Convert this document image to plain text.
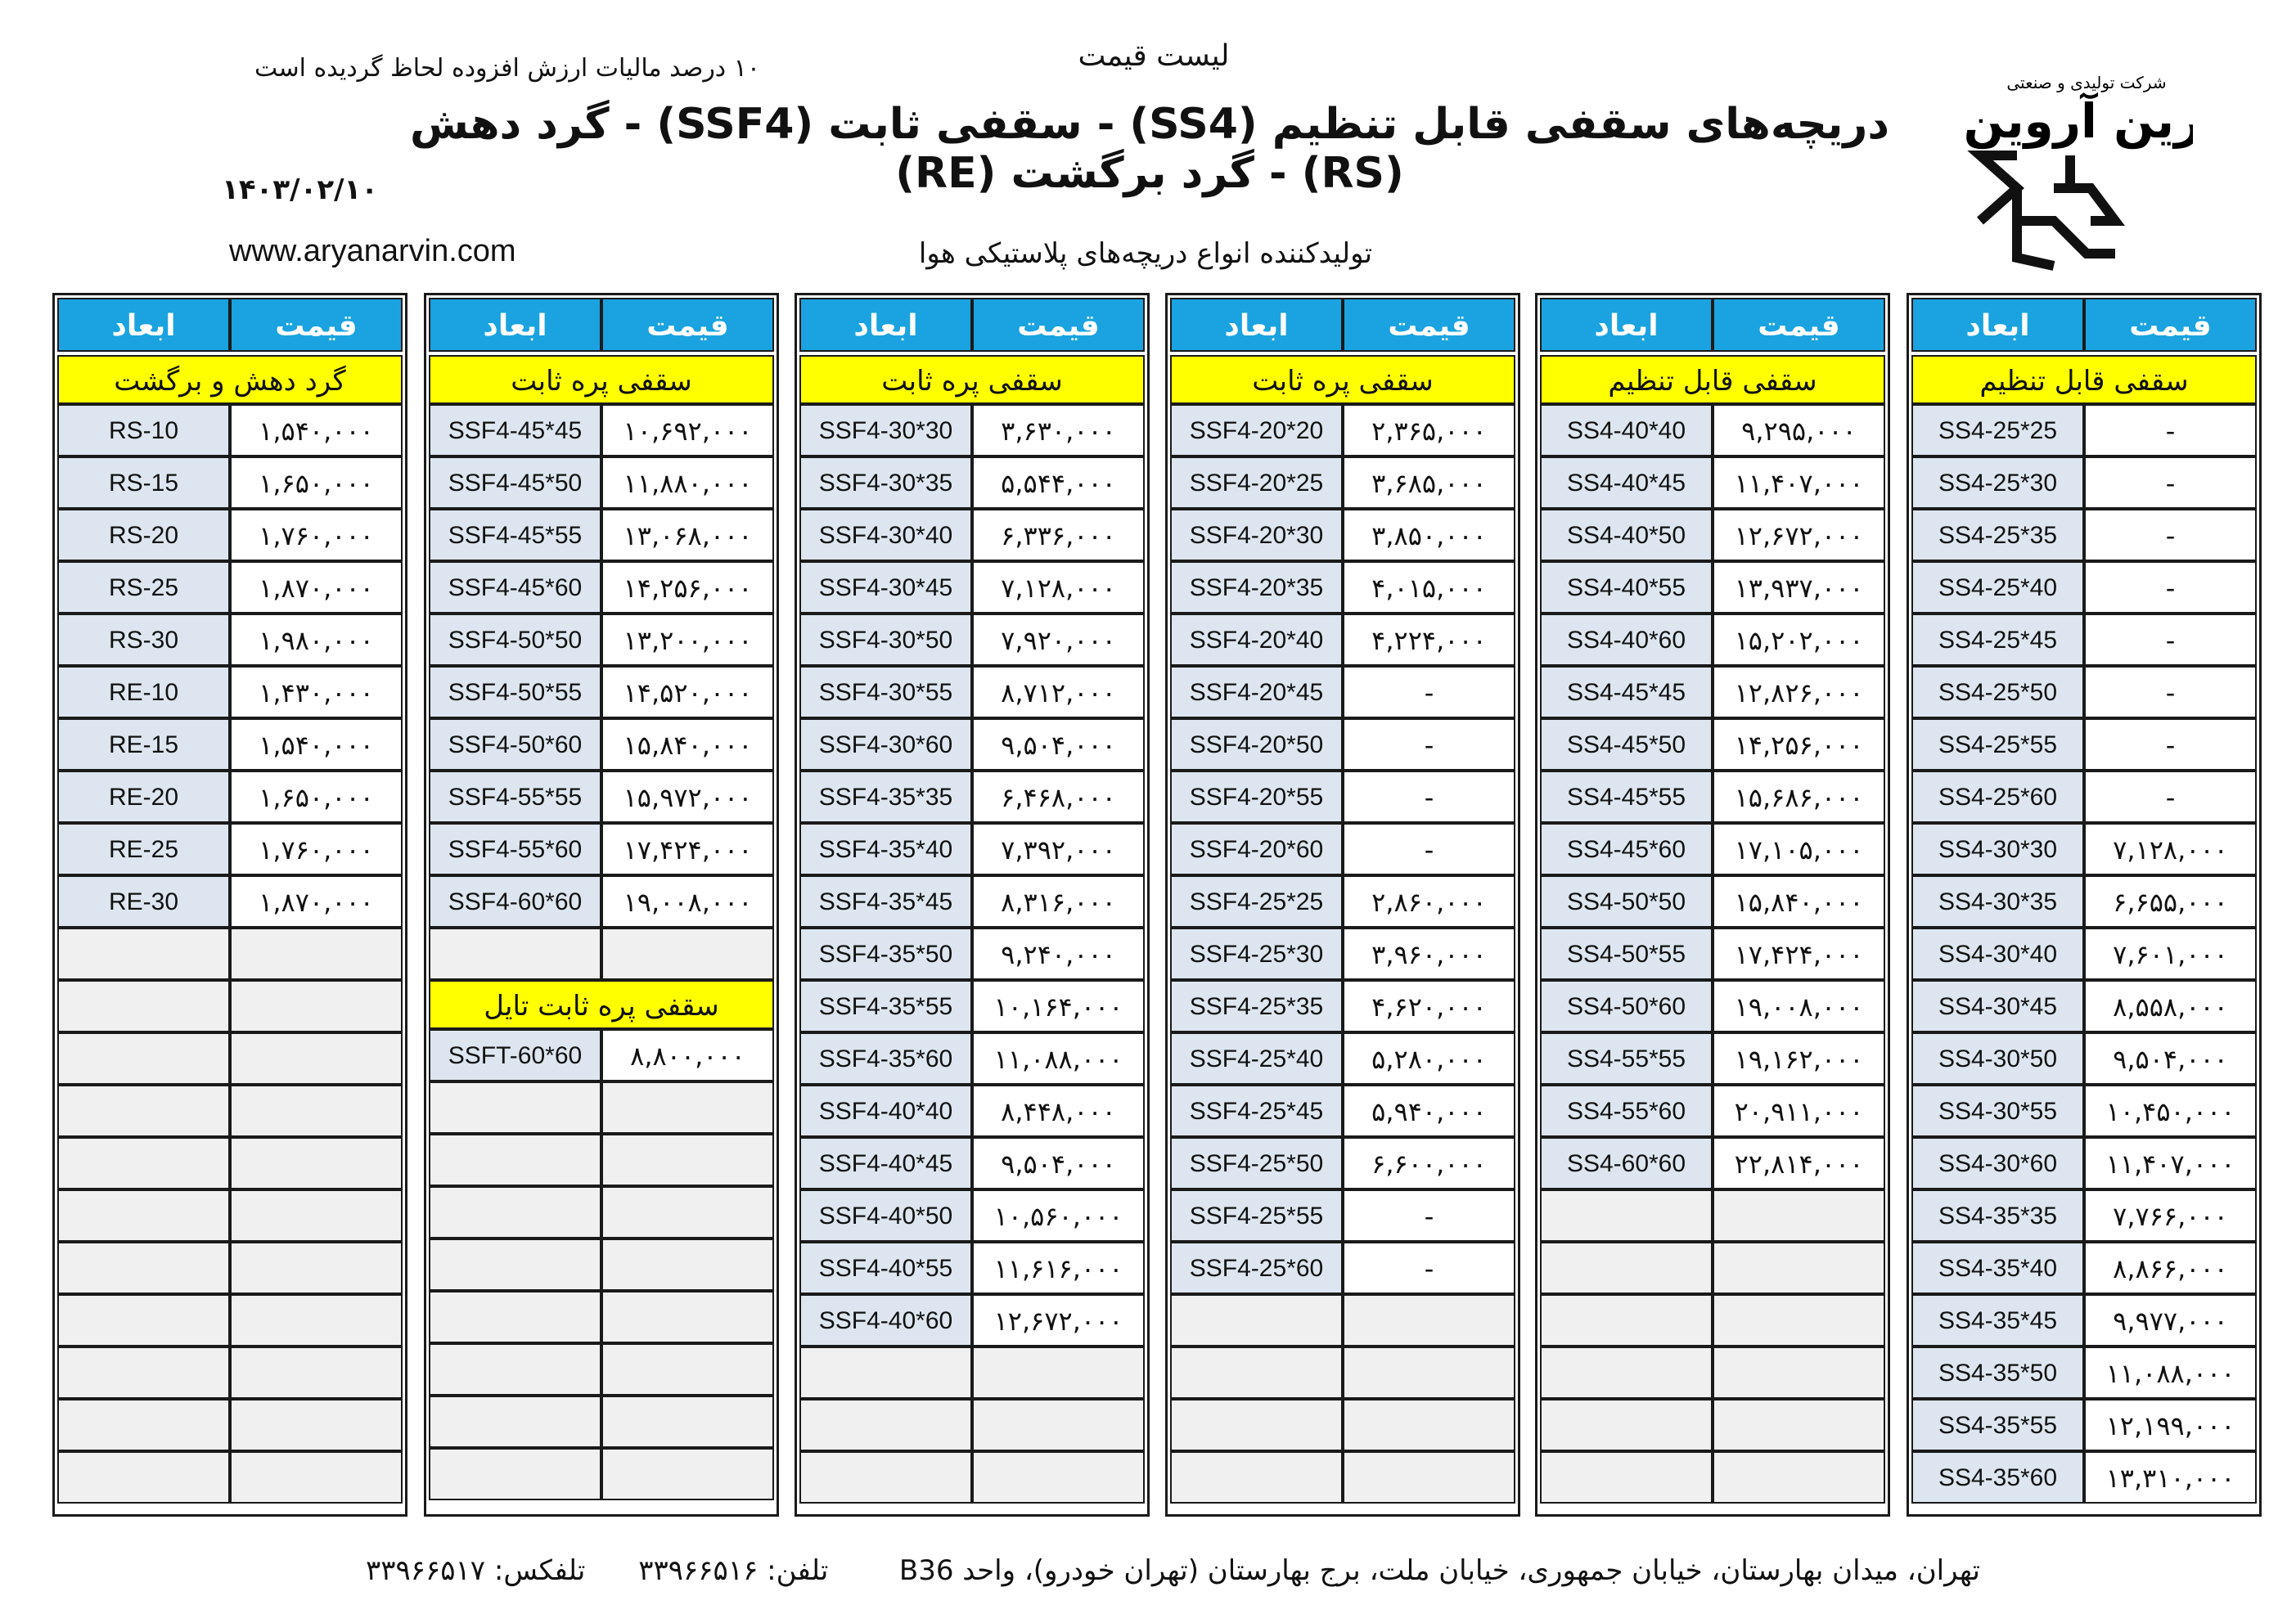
لیست قیمت
۱۰ درصد مالیات ارزش افزوده لحاظ گردیده است
دریچه‌های سقفی قابل تنظیم (SS4) - سقفی ثابت (SSF4) - گرد دهش (RS) - گرد برگشت (RE)
۱۴۰۳/۰۲/۱۰
www.aryanarvin.com	تولیدکننده انواع دریچه‌های پلاستیکی هوا
شرکت تولیدی و صنعتی
آرین آروین
ابعاد	قیمت
سقفی قابل تنظیم
SS4-25*25	-
SS4-25*30	-
SS4-25*35	-
SS4-25*40	-
SS4-25*45	-
SS4-25*50	-
SS4-25*55	-
SS4-25*60	-
SS4-30*30	۷,۱۲۸,۰۰۰
SS4-30*35	۶,۶۵۵,۰۰۰
SS4-30*40	۷,۶۰۱,۰۰۰
SS4-30*45	۸,۵۵۸,۰۰۰
SS4-30*50	۹,۵۰۴,۰۰۰
SS4-30*55	۱۰,۴۵۰,۰۰۰
SS4-30*60	۱۱,۴۰۷,۰۰۰
SS4-35*35	۷,۷۶۶,۰۰۰
SS4-35*40	۸,۸۶۶,۰۰۰
SS4-35*45	۹,۹۷۷,۰۰۰
SS4-35*50	۱۱,۰۸۸,۰۰۰
SS4-35*55	۱۲,۱۹۹,۰۰۰
SS4-35*60	۱۳,۳۱۰,۰۰۰
ابعاد	قیمت
سقفی قابل تنظیم
SS4-40*40	۹,۲۹۵,۰۰۰
SS4-40*45	۱۱,۴۰۷,۰۰۰
SS4-40*50	۱۲,۶۷۲,۰۰۰
SS4-40*55	۱۳,۹۳۷,۰۰۰
SS4-40*60	۱۵,۲۰۲,۰۰۰
SS4-45*45	۱۲,۸۲۶,۰۰۰
SS4-45*50	۱۴,۲۵۶,۰۰۰
SS4-45*55	۱۵,۶۸۶,۰۰۰
SS4-45*60	۱۷,۱۰۵,۰۰۰
SS4-50*50	۱۵,۸۴۰,۰۰۰
SS4-50*55	۱۷,۴۲۴,۰۰۰
SS4-50*60	۱۹,۰۰۸,۰۰۰
SS4-55*55	۱۹,۱۶۲,۰۰۰
SS4-55*60	۲۰,۹۱۱,۰۰۰
SS4-60*60	۲۲,۸۱۴,۰۰۰
ابعاد	قیمت
سقفی پره ثابت
SSF4-20*20	۲,۳۶۵,۰۰۰
SSF4-20*25	۳,۶۸۵,۰۰۰
SSF4-20*30	۳,۸۵۰,۰۰۰
SSF4-20*35	۴,۰۱۵,۰۰۰
SSF4-20*40	۴,۲۲۴,۰۰۰
SSF4-20*45	-
SSF4-20*50	-
SSF4-20*55	-
SSF4-20*60	-
SSF4-25*25	۲,۸۶۰,۰۰۰
SSF4-25*30	۳,۹۶۰,۰۰۰
SSF4-25*35	۴,۶۲۰,۰۰۰
SSF4-25*40	۵,۲۸۰,۰۰۰
SSF4-25*45	۵,۹۴۰,۰۰۰
SSF4-25*50	۶,۶۰۰,۰۰۰
SSF4-25*55	-
SSF4-25*60	-
ابعاد	قیمت
سقفی پره ثابت
SSF4-30*30	۳,۶۳۰,۰۰۰
SSF4-30*35	۵,۵۴۴,۰۰۰
SSF4-30*40	۶,۳۳۶,۰۰۰
SSF4-30*45	۷,۱۲۸,۰۰۰
SSF4-30*50	۷,۹۲۰,۰۰۰
SSF4-30*55	۸,۷۱۲,۰۰۰
SSF4-30*60	۹,۵۰۴,۰۰۰
SSF4-35*35	۶,۴۶۸,۰۰۰
SSF4-35*40	۷,۳۹۲,۰۰۰
SSF4-35*45	۸,۳۱۶,۰۰۰
SSF4-35*50	۹,۲۴۰,۰۰۰
SSF4-35*55	۱۰,۱۶۴,۰۰۰
SSF4-35*60	۱۱,۰۸۸,۰۰۰
SSF4-40*40	۸,۴۴۸,۰۰۰
SSF4-40*45	۹,۵۰۴,۰۰۰
SSF4-40*50	۱۰,۵۶۰,۰۰۰
SSF4-40*55	۱۱,۶۱۶,۰۰۰
SSF4-40*60	۱۲,۶۷۲,۰۰۰
ابعاد	قیمت
سقفی پره ثابت
SSF4-45*45	۱۰,۶۹۲,۰۰۰
SSF4-45*50	۱۱,۸۸۰,۰۰۰
SSF4-45*55	۱۳,۰۶۸,۰۰۰
SSF4-45*60	۱۴,۲۵۶,۰۰۰
SSF4-50*50	۱۳,۲۰۰,۰۰۰
SSF4-50*55	۱۴,۵۲۰,۰۰۰
SSF4-50*60	۱۵,۸۴۰,۰۰۰
SSF4-55*55	۱۵,۹۷۲,۰۰۰
SSF4-55*60	۱۷,۴۲۴,۰۰۰
SSF4-60*60	۱۹,۰۰۸,۰۰۰
سقفی پره ثابت تایل
SSFT-60*60	۸,۸۰۰,۰۰۰
ابعاد	قیمت
گرد دهش و برگشت
RS-10	۱,۵۴۰,۰۰۰
RS-15	۱,۶۵۰,۰۰۰
RS-20	۱,۷۶۰,۰۰۰
RS-25	۱,۸۷۰,۰۰۰
RS-30	۱,۹۸۰,۰۰۰
RE-10	۱,۴۳۰,۰۰۰
RE-15	۱,۵۴۰,۰۰۰
RE-20	۱,۶۵۰,۰۰۰
RE-25	۱,۷۶۰,۰۰۰
RE-30	۱,۸۷۰,۰۰۰
تهران، میدان بهارستان، خیابان جمهوری، خیابان ملت، برج بهارستان (تهران خودرو)، واحد B36

تلفن:

۳۳۹۶۶۵۱۶

تلفکس:

۳۳۹۶۶۵۱۷
